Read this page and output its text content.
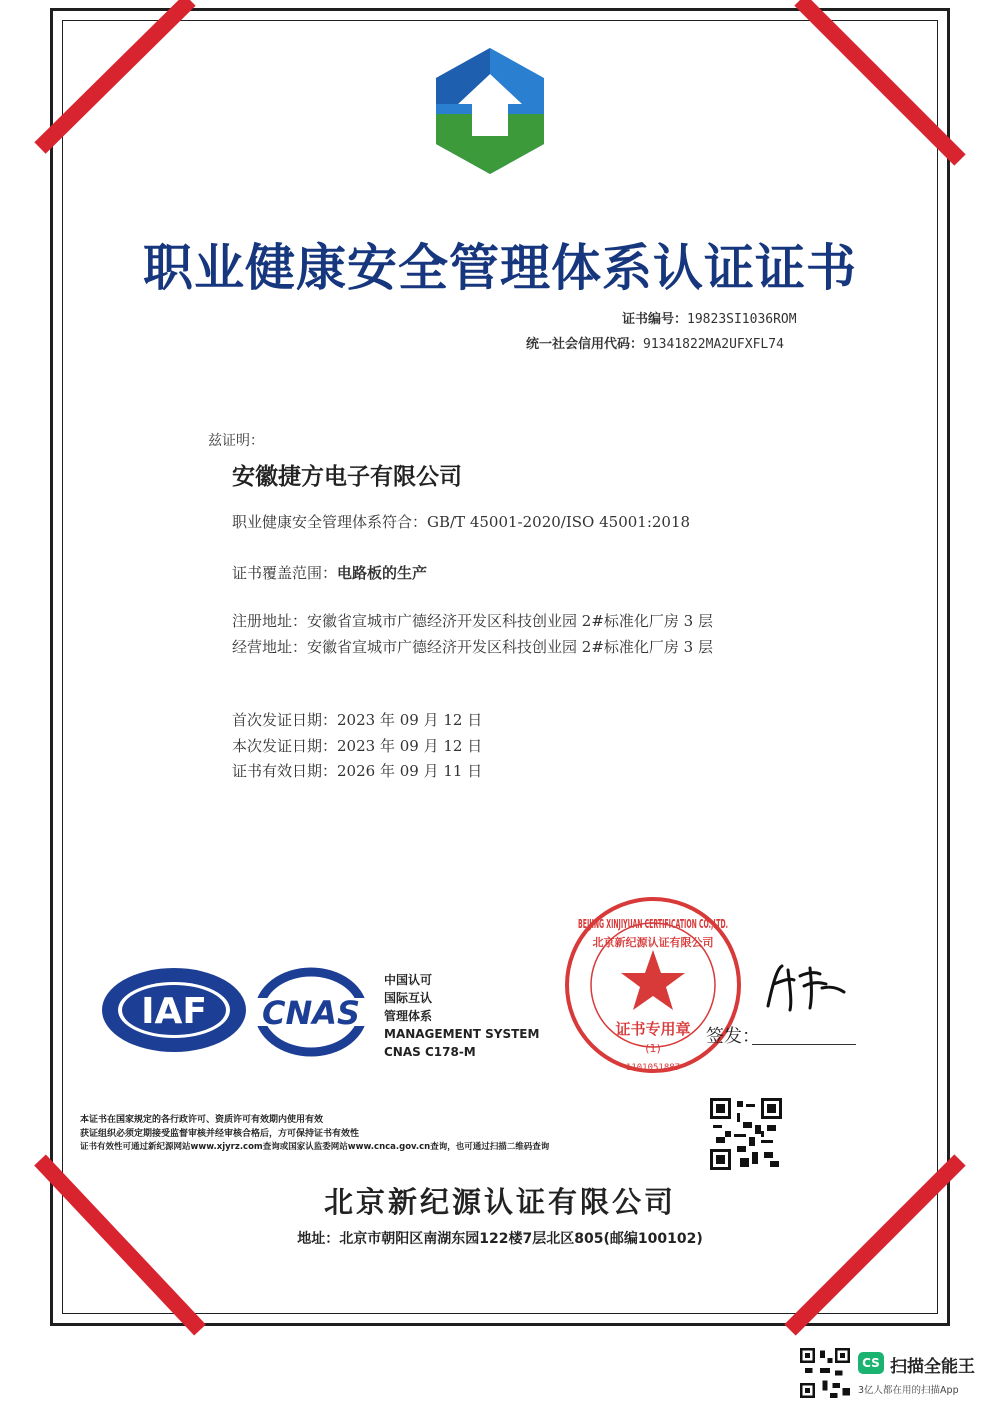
职业健康安全管理体系认证证书
证书编号：19823SI1036ROM
统一社会信用代码：91341822MA2UFXFL74
兹证明：
安徽捷方电子有限公司
职业健康安全管理体系符合：GB/T 45001-2020/ISO 45001:2018
证书覆盖范围：电路板的生产
注册地址：安徽省宣城市广德经济开发区科技创业园 2#标准化厂房 3 层
经营地址：安徽省宣城市广德经济开发区科技创业园 2#标准化厂房 3 层
首次发证日期：2023 年 09 月 12 日
本次发证日期：2023 年 09 月 12 日
证书有效日期：2026 年 09 月 11 日
IAF CNAS
中国认可
国际互认
管理体系
MANAGEMENT SYSTEM
CNAS C178-M
证书专用章
(1)
BEIJING XINJIYUAN CERTIFICATION CO.,LTD.
北京新纪源认证有限公司
1101051887
周晓宇
签发：
本证书在国家规定的各行政许可、资质许可有效期内使用有效
获证组织必须定期接受监督审核并经审核合格后，方可保持证书有效性
证书有效性可通过新纪源网站www.xjyrz.com查询或国家认监委网站www.cnca.gov.cn查询，也可通过扫描二维码查询
北京新纪源认证有限公司
地址：北京市朝阳区南湖东园122楼7层北区805(邮编100102)
CS 扫描全能王
3亿人都在用的扫描App
